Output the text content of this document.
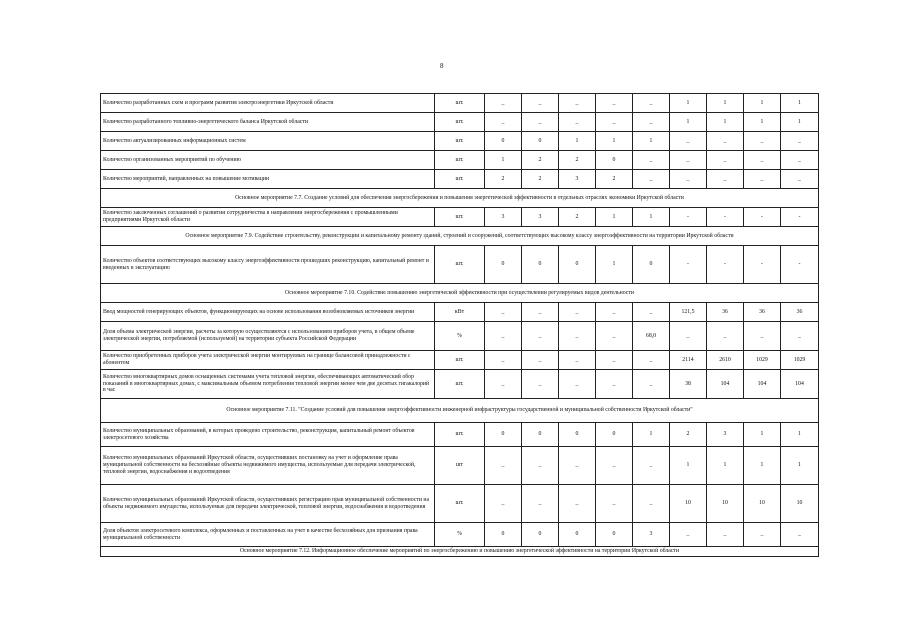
8
Количество разработанных схем и программ развития электроэнергетики Иркутской области	шт.	_	_	_	_	_	1	1	1	1
Количество разработанного топливно-энергетического баланса Иркутской области	шт.	_	_	_	_	_	1	1	1	1
Количество актуализированных информационных систем	шт.	0	0	1	1	1	_	_	_	_
Количество организованных мероприятий по обучению	шт.	1	2	2	0	_	_	_	_	_
Количество мероприятий, направленных на повышение мотивации	шт.	2	2	3	2	_	_	_	_	_
Основное мероприятие 7.7. Создание условий для обеспечения энергосбережения и повышения энергетической эффективности в отдельных отраслях экономики Иркутской области										
Количество заключенных соглашений о развитии сотрудничества в направлении энергосбережения с промышленными предприятиями Иркутской области	шт.	3	3	2	1	1	-	-	-	-
Основное мероприятие 7.9. Содействие строительству, реконструкции и капитальному ремонту зданий, строений и сооружений, соответствующих высокому классу энергоэффективности на территории Иркутской области										
Количество объектов соответствующих высокому классу энергоэффективности прошедших реконструкцию, капитальный ремонт и введенных в эксплуатацию	шт.	0	0	0	1	0	-	-	-	-
Основное мероприятие 7.10. Содействие повышению энергетической эффективности при осуществлении регулируемых видов деятельности										
Ввод мощностей генерирующих объектов, функционирующих на основе использования возобновляемых источников энергии	кВт	_	_	_	_	_	121,5	36	36	36
Доля объема электрической энергии, расчеты за которую осуществляются с использованием приборов учета, в общем объеме электрической энергии, потребляемой (используемой) на территории субъекта Российской Федерации	%	_	_	_	_	68,0	_	_	_	_
Количество приобретенных приборов учета электрической энергии монтируемых на границе балансовой принадлежности с абонентом	шт.	_	_	_	_	_	2114	2610	1029	1029
Количество многоквартирных домов оснащенных системами учета тепловой энергии, обеспечивающих автоматический обор показаний в многоквартирных домах, с максимальным объемом потребления тепловой энергии менее чем две десятых гигакалорий в час	шт.	_	_	_	_	_	38	104	104	104
Основное мероприятие 7.11. "Создание условий для повышения энергоэффективности инженерной инфраструктуры государственной и муниципальной собственности Иркутской области"										
Количество муниципальных образований, в которых проведено строительство, реконструкция, капитальный ремонт объектов электросетевого хозяйства	шт.	0	0	0	0	1	2	3	1	1
Количество муниципальных образований Иркутской области, осуществивших постановку на учет и оформление права муниципальной собственности на бесхозяйные объекты недвижимого имущества, используемые для передачи электрической, тепловой энергии, водоснабжения и водоотведения	шт	_	_	_	_	_	1	1	1	1
Количество муниципальных образований Иркутской области, осуществивших регистрацию прав муниципальной собственности на объекты недвижимого имущества, используемые для передачи электрической, тепловой энергии, водоснабжения и водоотведения	шт.	_	_	_	_	_	10	10	10	10
Доля объектов электросетевого комплекса, оформленных и поставленных на учет в качестве бесхозяйных для признания права муниципальной собственности	%	0	0	0	0	3	_	_	_	_
Основное мероприятие 7.12. Информационное обеспечение мероприятий по энергосбережению и повышению энергетической эффективности на территории Иркутской области										
